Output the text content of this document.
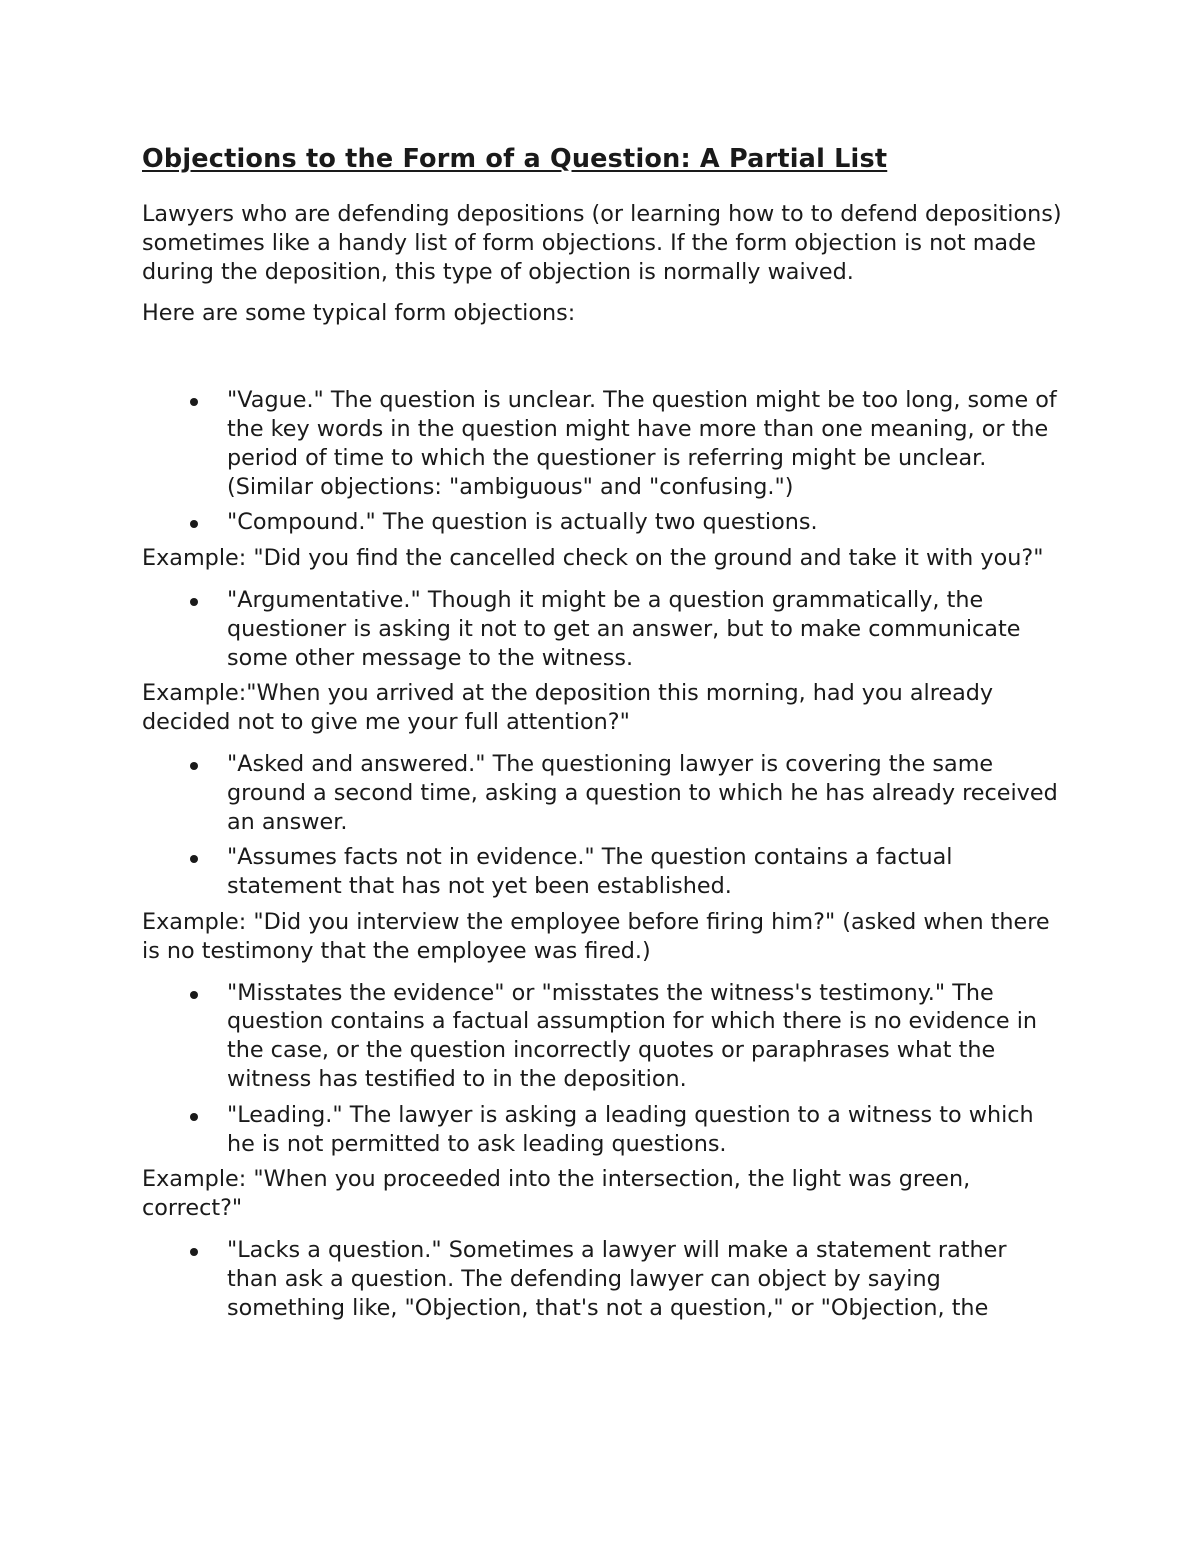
Objections to the Form of a Question: A Partial List

Lawyers who are defending depositions (or learning how to to defend depositions) sometimes like a handy list of form objections. If the form objection is not made during the deposition, this type of objection is normally waived.

Here are some typical form objections:

"Vague." The question is unclear. The question might be too long, some of the key words in the question might have more than one meaning, or the period of time to which the questioner is referring might be unclear. (Similar objections: "ambiguous" and "confusing.")
"Compound." The question is actually two questions.

Example: "Did you find the cancelled check on the ground and take it with you?"

"Argumentative." Though it might be a question grammatically, the questioner is asking it not to get an answer, but to make communicate some other message to the witness.

Example:"When you arrived at the deposition this morning, had you already decided not to give me your full attention?"

"Asked and answered." The questioning lawyer is covering the same ground a second time, asking a question to which he has already received an answer.
"Assumes facts not in evidence." The question contains a factual statement that has not yet been established.

Example: "Did you interview the employee before firing him?" (asked when there is no testimony that the employee was fired.)

"Misstates the evidence" or "misstates the witness's testimony." The question contains a factual assumption for which there is no evidence in the case, or the question incorrectly quotes or paraphrases what the witness has testified to in the deposition.
"Leading." The lawyer is asking a leading question to a witness to which he is not permitted to ask leading questions.

Example: "When you proceeded into the intersection, the light was green, correct?"

"Lacks a question." Sometimes a lawyer will make a statement rather than ask a question. The defending lawyer can object by saying something like, "Objection, that's not a question," or "Objection, the
